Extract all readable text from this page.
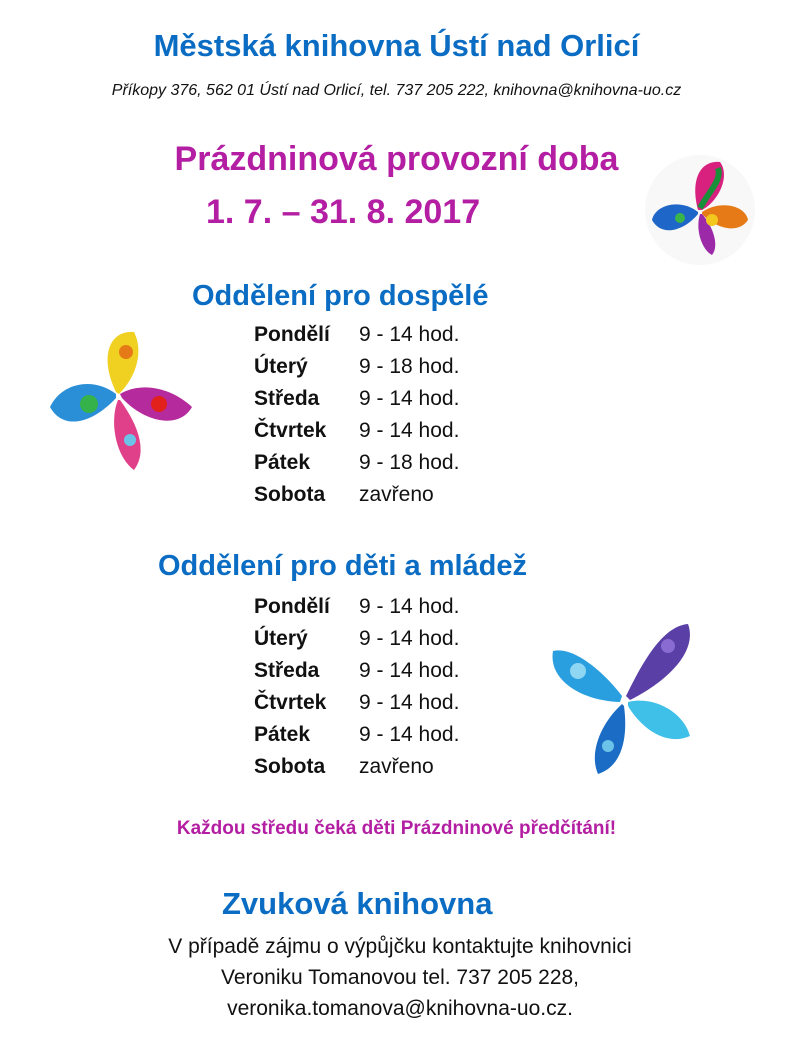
Městská knihovna Ústí nad Orlicí
Příkopy 376, 562 01 Ústí nad Orlicí, tel. 737 205 222, knihovna@knihovna-uo.cz
Prázdninová provozní doba
1. 7. – 31. 8. 2017
Oddělení pro dospělé
Pondělí	9 - 14 hod.
Úterý	9 - 18 hod.
Středa	9 - 14 hod.
Čtvrtek	9 - 14 hod.
Pátek	9 - 18 hod.
Sobota	zavřeno
Oddělení pro děti a mládež
Pondělí	9 - 14 hod.
Úterý	9 - 14 hod.
Středa	9 - 14 hod.
Čtvrtek	9 - 14 hod.
Pátek	9 - 14 hod.
Sobota	zavřeno
Každou středu čeká děti Prázdninové předčítání!
Zvuková knihovna
V případě zájmu o výpůjčku kontaktujte knihovnici
Veroniku Tomanovou tel. 737 205 228,
veronika.tomanova@knihovna-uo.cz.
